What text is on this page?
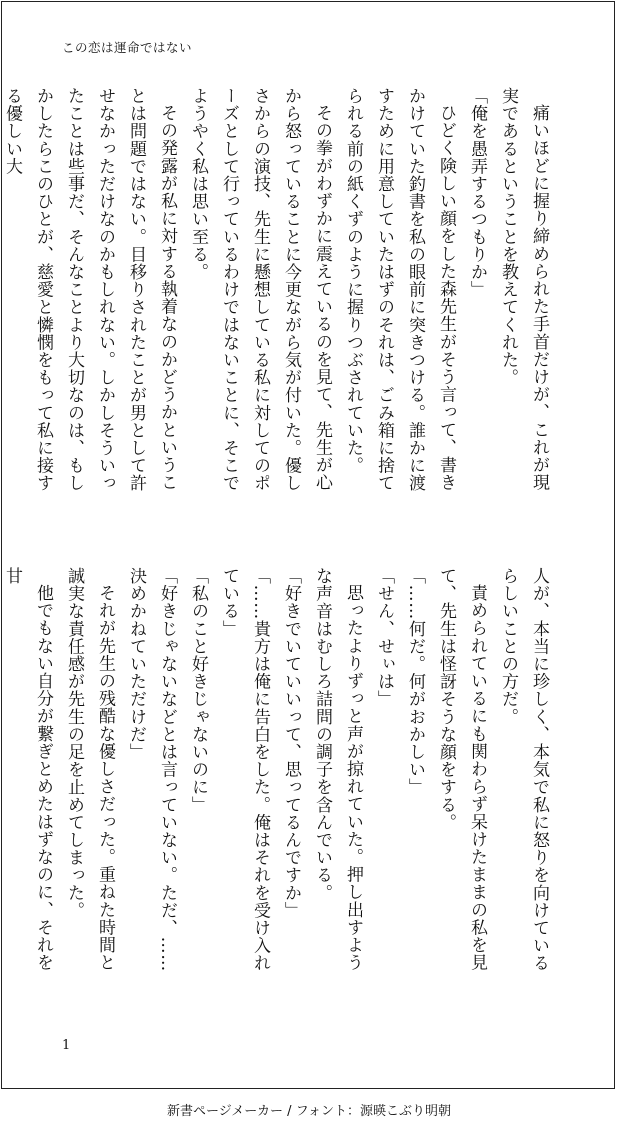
この恋は運命ではない

痛いほどに握り締められた手首だけが、これが現実であるということを教えてくれた。

「俺を愚弄するつもりか」

ひどく険しい顔をした森先生がそう言って、書きかけていた釣書を私の眼前に突きつける。誰かに渡すために用意していたはずのそれは、ごみ箱に捨てられる前の紙くずのように握りつぶされていた。

その拳がわずかに震えているのを見て、先生が心から怒っていることに今更ながら気が付いた。優しさからの演技、先生に懸想している私に対してのポーズとして行っているわけではないことに、そこでようやく私は思い至る。

その発露が私に対する執着なのかどうかということは問題ではない。目移りされたことが男として許せなかっただけなのかもしれない。しかしそういったことは些事だ、そんなことより大切なのは、もしかしたらこのひとが、慈愛と憐憫をもって私に接する優しい大

人が、本当に珍しく、本気で私に怒りを向けているらしいことの方だ。

責められているにも関わらず呆けたままの私を見て、先生は怪訝そうな顔をする。

「……何だ。何がおかしい」

「せん、せぃは」

思ったよりずっと声が掠れていた。押し出すような声音はむしろ詰問の調子を含んでいる。

「好きでいていいって、思ってるんですか」

「……貴方は俺に告白をした。俺はそれを受け入れている」

「私のこと好きじゃないのに」

「好きじゃないなどとは言っていない。ただ、……決めかねていただけだ」

それが先生の残酷な優しさだった。重ねた時間と誠実な責任感が先生の足を止めてしまった。

他でもない自分が繋ぎとめたはずなのに、それを甘

1
新書ページメーカー / フォント：源暎こぶり明朝
